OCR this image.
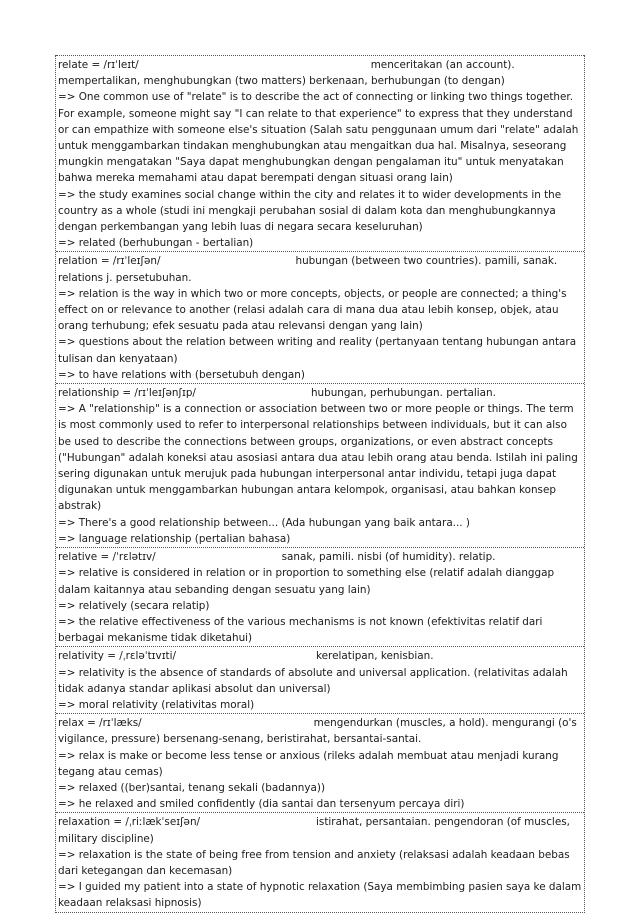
relate = /rɪˈleɪt/	menceritakan (an account). mempertalikan, menghubungkan (two matters) berkenaan, berhubungan (to dengan)
=> One common use of "relate" is to describe the act of connecting or linking two things together. For example, someone might say "I can relate to that experience" to express that they understand or can empathize with someone else's situation (Salah satu penggunaan umum dari "relate" adalah untuk menggambarkan tindakan menghubungkan atau mengaitkan dua hal. Misalnya, seseorang mungkin mengatakan "Saya dapat menghubungkan dengan pengalaman itu" untuk menyatakan bahwa mereka memahami atau dapat berempati dengan situasi orang lain)
=> the study examines social change within the city and relates it to wider developments in the country as a whole (studi ini mengkaji perubahan sosial di dalam kota dan menghubungkannya dengan perkembangan yang lebih luas di negara secara keseluruhan)
=> related (berhubungan - bertalian)
relation = /rɪˈleɪʃən/	hubungan (between two countries). pamili, sanak. relations j. persetubuhan.
=> relation is the way in which two or more concepts, objects, or people are connected; a thing's effect on or relevance to another (relasi adalah cara di mana dua atau lebih konsep, objek, atau orang terhubung; efek sesuatu pada atau relevansi dengan yang lain)
=> questions about the relation between writing and reality (pertanyaan tentang hubungan antara tulisan dan kenyataan)
=> to have relations with (bersetubuh dengan)
relationship = /rɪˈleɪʃənʃɪp/	hubungan, perhubungan. pertalian.
=> A "relationship" is a connection or association between two or more people or things. The term is most commonly used to refer to interpersonal relationships between individuals, but it can also be used to describe the connections between groups, organizations, or even abstract concepts ("Hubungan" adalah koneksi atau asosiasi antara dua atau lebih orang atau benda. Istilah ini paling sering digunakan untuk merujuk pada hubungan interpersonal antar individu, tetapi juga dapat digunakan untuk menggambarkan hubungan antara kelompok, organisasi, atau bahkan konsep abstrak)
=> There's a good relationship between... (Ada hubungan yang baik antara... )
=> language relationship (pertalian bahasa)
relative = /ˈrɛlətɪv/	sanak, pamili. nisbi (of humidity). relatip.
=> relative is considered in relation or in proportion to something else (relatif adalah dianggap dalam kaitannya atau sebanding dengan sesuatu yang lain)
=> relatively (secara relatip)
=> the relative effectiveness of the various mechanisms is not known (efektivitas relatif dari berbagai mekanisme tidak diketahui)
relativity = /ˌrɛləˈtɪvɪti/	kerelatipan, kenisbian.
=> relativity is the absence of standards of absolute and universal application. (relativitas adalah tidak adanya standar aplikasi absolut dan universal)
=> moral relativity (relativitas moral)
relax = /rɪˈlæks/	mengendurkan (muscles, a hold). mengurangi (o's vigilance, pressure) bersenang-senang, beristirahat, bersantai-santai.
=> relax is make or become less tense or anxious (rileks adalah membuat atau menjadi kurang tegang atau cemas)
=> relaxed ((ber)santai, tenang sekali (badannya))
=> he relaxed and smiled confidently (dia santai dan tersenyum percaya diri)
relaxation = /ˌriːlækˈseɪʃən/	istirahat, persantaian. pengendoran (of muscles, military discipline)
=> relaxation is the state of being free from tension and anxiety (relaksasi adalah keadaan bebas dari ketegangan dan kecemasan)
=> I guided my patient into a state of hypnotic relaxation (Saya membimbing pasien saya ke dalam keadaan relaksasi hipnosis)
